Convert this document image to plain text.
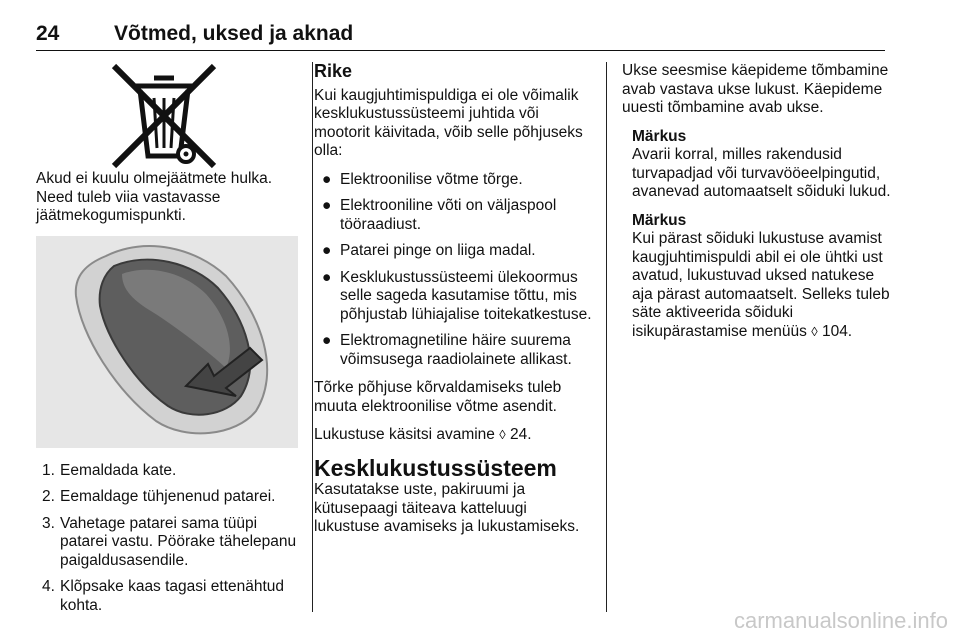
24	Võtmed, uksed ja aknad

Akud ei kuulu olmejäätmete hulka. Need tuleb viia vastavasse jäätmekogumispunkti.

1. Eemaldada kate.
2. Eemaldage tühjenenud patarei.
3. Vahetage patarei sama tüüpi patarei vastu. Pöörake tähelepanu paigaldusasendile.
4. Klõpsake kaas tagasi ettenähtud kohta.
Rike

Kui kaugjuhtimispuldiga ei ole võimalik kesklukustussüsteemi juhtida või mootorit käivitada, võib selle põhjuseks olla:

● Elektroonilise võtme tõrge.
● Elektrooniline võti on väljaspool tööraadiust.
● Patarei pinge on liiga madal.
● Kesklukustussüsteemi ülekoormus selle sageda kasutamise tõttu, mis põhjustab lühiajalise toitekatkestuse.
● Elektromagnetiline häire suurema võimsusega raadiolainete allikast.

Tõrke põhjuse kõrvaldamiseks tuleb muuta elektroonilise võtme asendit.

Lukustuse käsitsi avamine ◊ 24.

Kesklukustussüsteem

Kasutatakse uste, pakiruumi ja kütusepaagi täiteava katteluugi lukustuse avamiseks ja lukustamiseks.

Ukse seesmise käepideme tõmbamine avab vastava ukse lukust. Käepideme uuesti tõmbamine avab ukse.

Märkus

Avarii korral, milles rakendusid turvapadjad või turvavööeelpingutid, avanevad automaatselt sõiduki lukud.

Märkus

Kui pärast sõiduki lukustuse avamist kaugjuhtimispuldi abil ei ole ühtki ust avatud, lukustuvad uksed natukese aja pärast automaatselt. Selleks tuleb säte aktiveerida sõiduki isikupärastamise menüüs ◊ 104.

carmanualsonline.info
